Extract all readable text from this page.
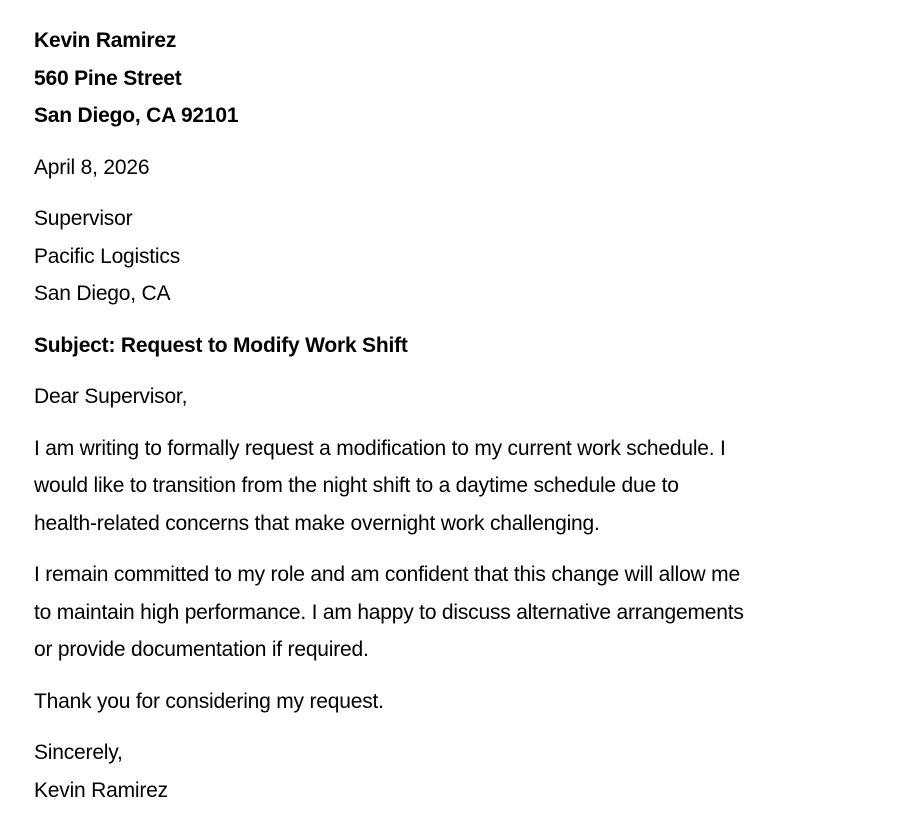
Kevin Ramirez
560 Pine Street
San Diego, CA 92101
April 8, 2026
Supervisor
Pacific Logistics
San Diego, CA
Subject: Request to Modify Work Shift
Dear Supervisor,
I am writing to formally request a modification to my current work schedule. I
would like to transition from the night shift to a daytime schedule due to
health-related concerns that make overnight work challenging.
I remain committed to my role and am confident that this change will allow me
to maintain high performance. I am happy to discuss alternative arrangements
or provide documentation if required.
Thank you for considering my request.
Sincerely,
Kevin Ramirez
